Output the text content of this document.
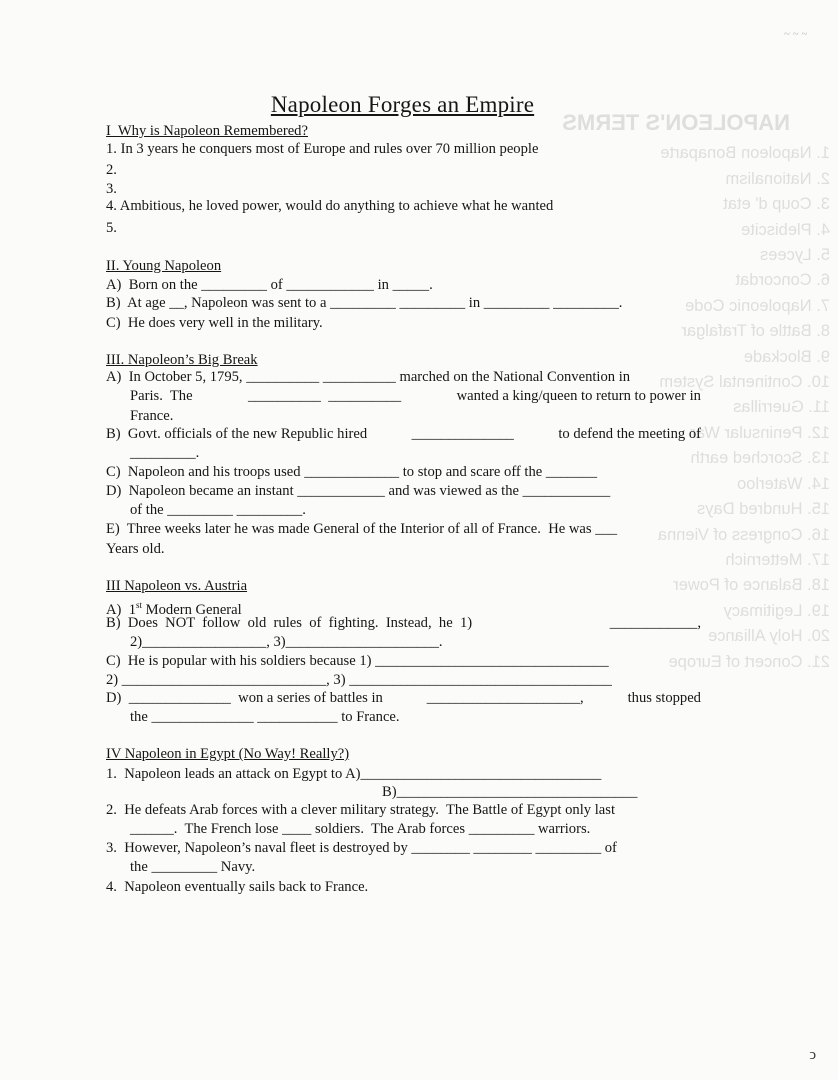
~ ~ ~
NAPOLEON'S TERMS
1. Napoleon Bonaparte
2. Nationalism
3. Coup d' etat
4. Plebiscite
5. Lycees
6. Concordat
7. Napoleonic Code
8. Battle of Trafalgar
9. Blockade
10. Continental System
11. Guerrillas
12. Peninsular War
13. Scorched earth
14. Waterloo
15. Hundred Days
16. Congress of Vienna
17. Metternich
18. Balance of Power
19. Legitimacy
20. Holy Alliance
21. Concert of Europe
Napoleon Forges an Empire
I  Why is Napoleon Remembered?
1. In 3 years he conquers most of Europe and rules over 70 million people
2.
3.
4. Ambitious, he loved power, would do anything to achieve what he wanted
5.
II. Young Napoleon
A)  Born on the _________ of ____________ in _____.
B)  At age __, Napoleon was sent to a _________ _________ in _________ _________.
C)  He does very well in the military.
III. Napoleon’s Big Break
A)  In October 5, 1795, __________ __________ marched on the National Convention in
Paris.  The	__________  __________	wanted a king/queen to return to power in
France.
B)  Govt. officials of the new Republic hired	______________	to defend the meeting of
_________.
C)  Napoleon and his troops used _____________ to stop and scare off the _______
D)  Napoleon became an instant ____________ and was viewed as the ____________
of the _________ _________.
E)  Three weeks later he was made General of the Interior of all of France.  He was ___
Years old.
III Napoleon vs. Austria
A)  1st Modern General
B)  Does  NOT  follow  old  rules  of  fighting.  Instead,  he  1)	____________,
2)_________________, 3)_____________________.
C)  He is popular with his soldiers because 1) ________________________________
2) ____________________________, 3) ____________________________________
D)  ______________  won a series of battles in	_____________________,	thus stopped
the ______________ ___________ to France.
IV Napoleon in Egypt (No Way! Really?)
1.  Napoleon leads an attack on Egypt to A)_________________________________
B)_________________________________
2.  He defeats Arab forces with a clever military strategy.  The Battle of Egypt only last
______.  The French lose ____ soldiers.  The Arab forces _________ warriors.
3.  However, Napoleon’s naval fleet is destroyed by ________ ________ _________ of
the _________ Navy.
4.  Napoleon eventually sails back to France.
ↄ
